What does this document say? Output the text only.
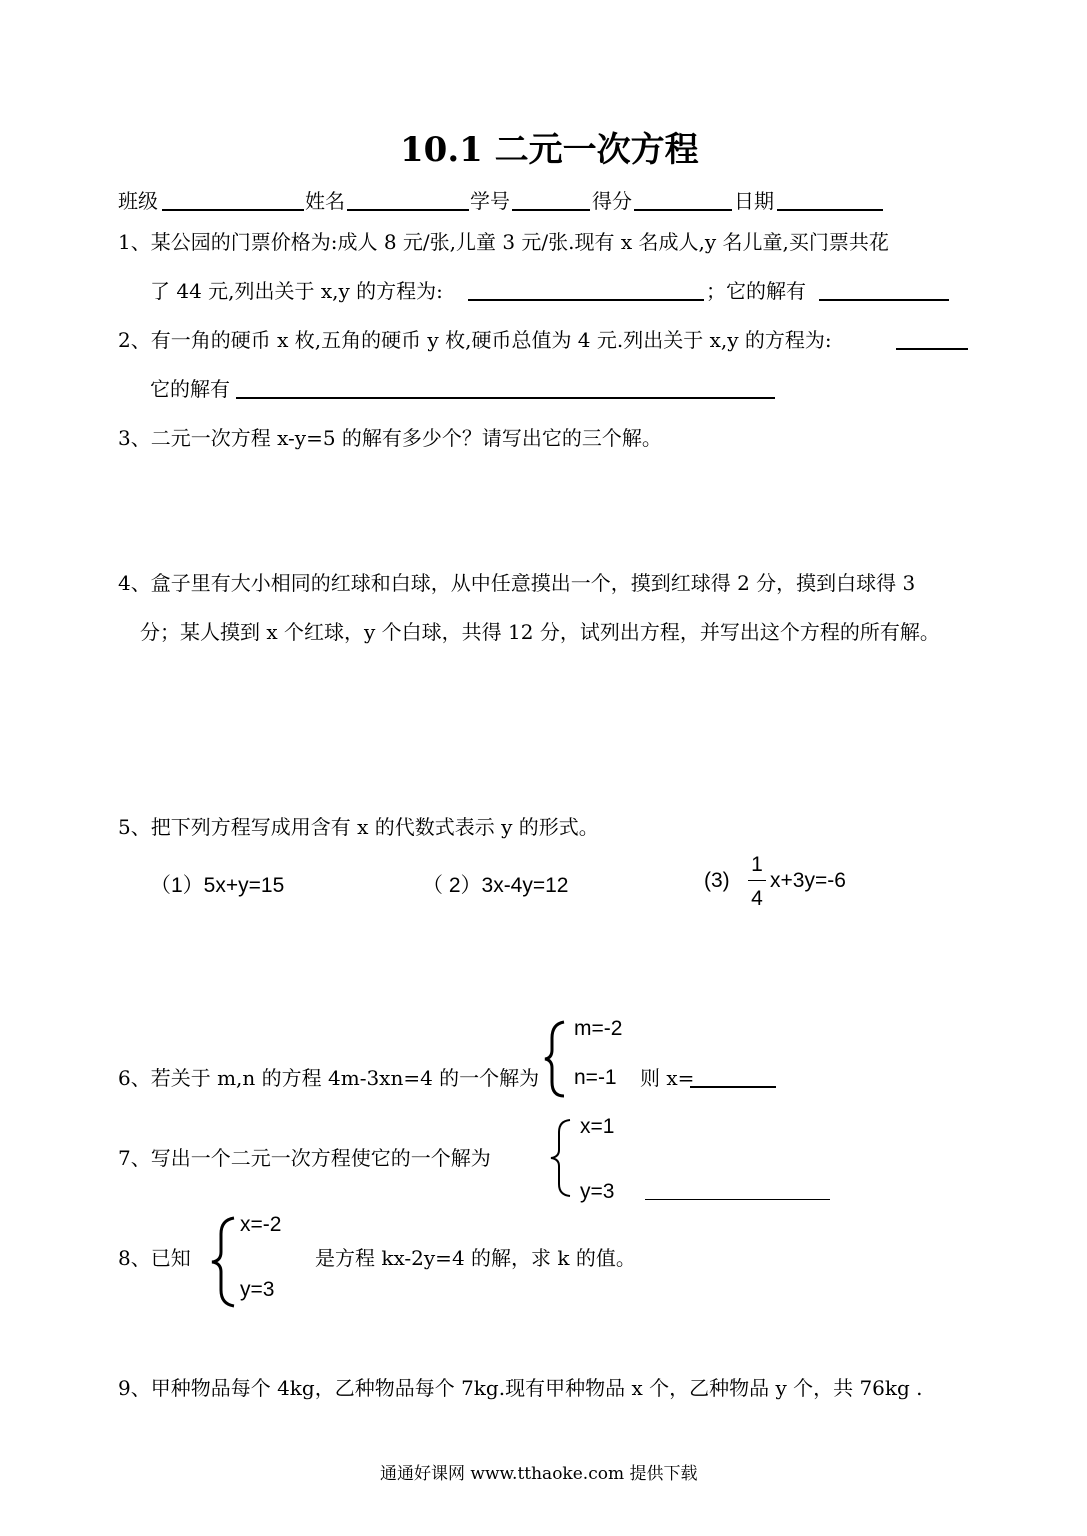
10.1 二元一次方程
班级	姓名	学号	得分	日期
1、某公园的门票价格为:成人 8 元/张,儿童 3 元/张.现有 x 名成人,y 名儿童,买门票共花
了 44 元,列出关于 x,y 的方程为:	；它的解有
2、有一角的硬币 x 枚,五角的硬币 y 枚,硬币总值为 4 元.列出关于 x,y 的方程为:
它的解有
3、二元一次方程 x-y=5 的解有多少个？请写出它的三个解。
4、盒子里有大小相同的红球和白球，从中任意摸出一个，摸到红球得 2 分，摸到白球得 3
分；某人摸到 x 个红球，y 个白球，共得 12 分，试列出方程，并写出这个方程的所有解。
5、把下列方程写成用含有 x 的代数式表示 y 的形式。
（1）5x+y=15	（ 2）3x-4y=12	(3)
1
4
x+3y=-6
6、若关于 m,n 的方程 4m-3xn=4 的一个解为
m=-2
n=-1 则 x=
7、写出一个二元一次方程使它的一个解为
x=1
y=3
8、已知
x=-2
y=3
是方程 kx-2y=4 的解，求 k 的值。
9、甲种物品每个 4kg，乙种物品每个 7kg.现有甲种物品 x 个，乙种物品 y 个，共 76kg .
通通好课网 www.tthaoke.com 提供下载
